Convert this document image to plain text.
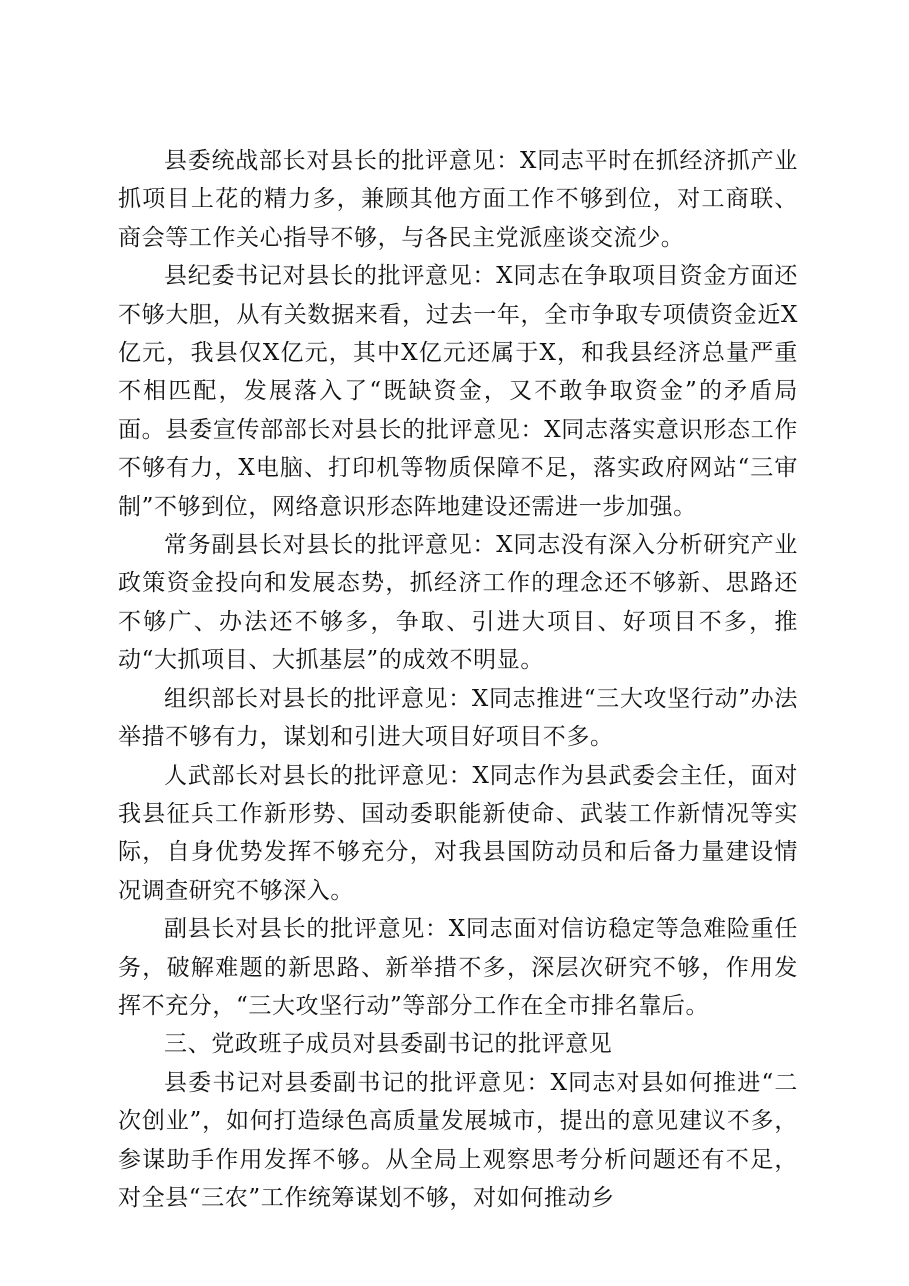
县委统战部长对县长的批评意见：X同志平时在抓经济抓产业抓项目上花的精力多，兼顾其他方面工作不够到位，对工商联、商会等工作关心指导不够，与各民主党派座谈交流少。

县纪委书记对县长的批评意见：X同志在争取项目资金方面还不够大胆，从有关数据来看，过去一年，全市争取专项债资金近X亿元，我县仅X亿元，其中X亿元还属于X，和我县经济总量严重不相匹配，发展落入了“既缺资金，又不敢争取资金”的矛盾局面。县委宣传部部长对县长的批评意见：X同志落实意识形态工作不够有力，X电脑、打印机等物质保障不足，落实政府网站“三审制”不够到位，网络意识形态阵地建设还需进一步加强。

常务副县长对县长的批评意见：X同志没有深入分析研究产业政策资金投向和发展态势，抓经济工作的理念还不够新、思路还不够广、办法还不够多，争取、引进大项目、好项目不多，推动“大抓项目、大抓基层”的成效不明显。

组织部长对县长的批评意见：X同志推进“三大攻坚行动”办法举措不够有力，谋划和引进大项目好项目不多。

人武部长对县长的批评意见：X同志作为县武委会主任，面对我县征兵工作新形势、国动委职能新使命、武装工作新情况等实际，自身优势发挥不够充分，对我县国防动员和后备力量建设情况调查研究不够深入。

副县长对县长的批评意见：X同志面对信访稳定等急难险重任务，破解难题的新思路、新举措不多，深层次研究不够，作用发挥不充分，“三大攻坚行动”等部分工作在全市排名靠后。

三、党政班子成员对县委副书记的批评意见

县委书记对县委副书记的批评意见：X同志对县如何推进“二次创业”，如何打造绿色高质量发展城市，提出的意见建议不多，参谋助手作用发挥不够。从全局上观察思考分析问题还有不足，对全县“三农”工作统筹谋划不够，对如何推动乡
